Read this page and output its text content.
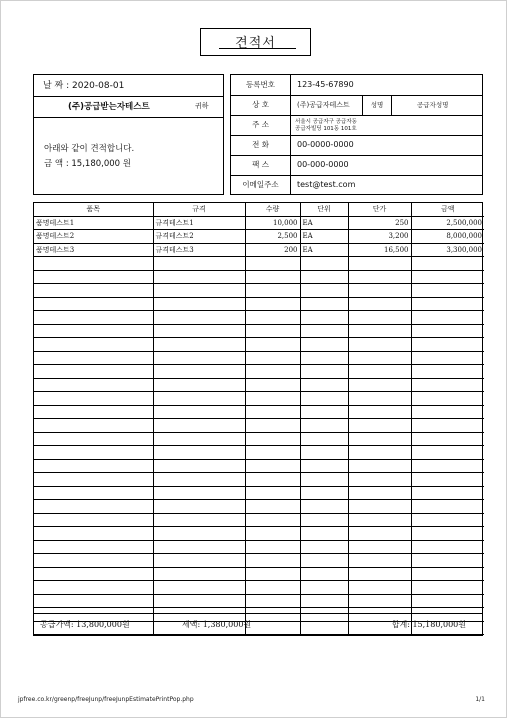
견적서
날 짜 : 2020-08-01
(주)공급받는자테스트	귀하
아래와 같이 견적합니다.
금 액 : 15,180,000 원
등록번호	123-45-67890
상 호	(주)공급자테스트	성명	공급자성명
주 소	서울시 공급자구 공급자동
공급자빌딩 101동 101호
전 화	00-0000-0000
팩 스	00-000-0000
이메일주소	test@test.com
품목	규격	수량	단위	단가	금액
품명테스트1	규격테스트1	10,000	EA	250	2,500,000
품명테스트2	규격테스트2	2,500	EA	3,200	8,000,000
품명테스트3	규격테스트3	200	EA	16,500	3,300,000

공급가액: 13,800,000원	세액: 1,380,000원	합계: 15,180,000원
jpfree.co.kr/greenp/freeJunp/freeJunpEstimatePrintPop.php	1/1
